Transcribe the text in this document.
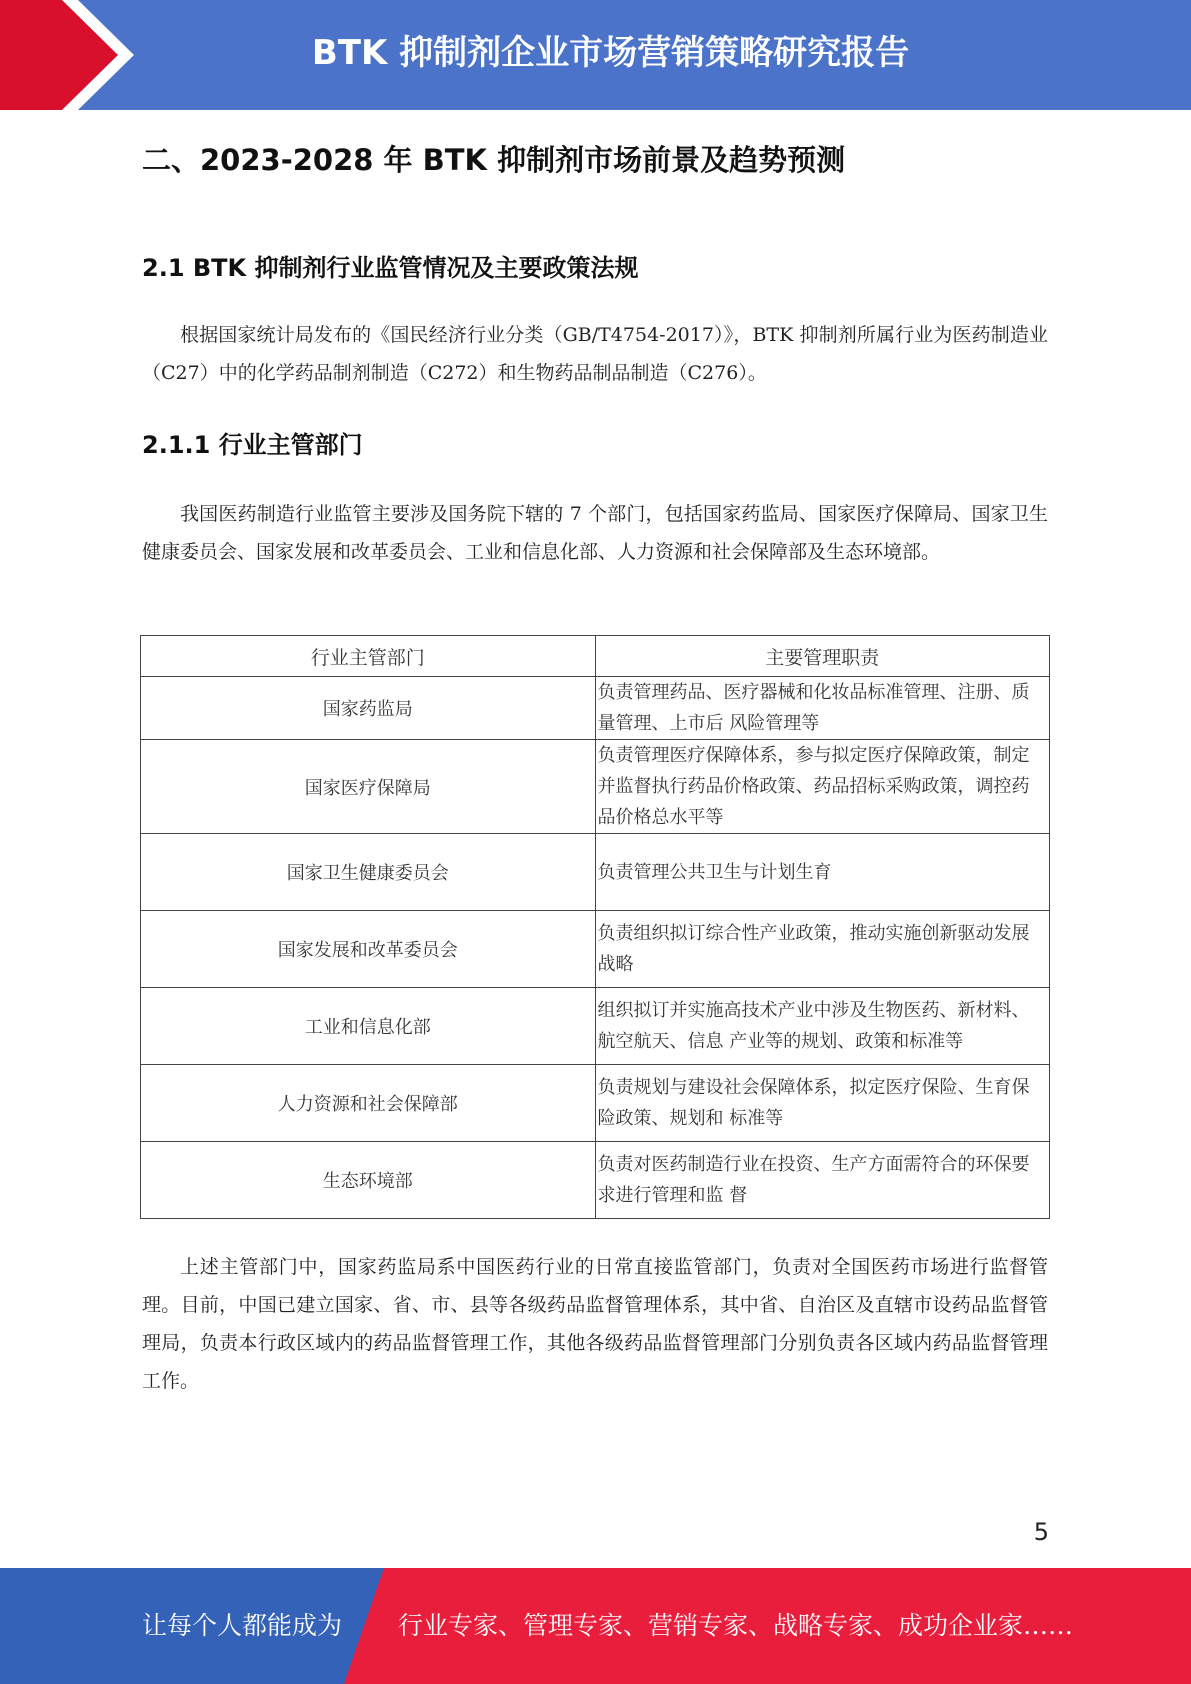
BTK 抑制剂企业市场营销策略研究报告
二、2023-2028 年 BTK 抑制剂市场前景及趋势预测
2.1 BTK 抑制剂行业监管情况及主要政策法规

根据国家统计局发布的《国民经济行业分类（GB/T4754-2017）》，BTK 抑制剂所属行业为医药制造业（C27）中的化学药品制剂制造（C272）和生物药品制品制造（C276）。

2.1.1 行业主管部门

我国医药制造行业监管主要涉及国务院下辖的 7 个部门，包括国家药监局、国家医疗保障局、国家卫生健康委员会、国家发展和改革委员会、工业和信息化部、人力资源和社会保障部及生态环境部。

行业主管部门	主要管理职责
国家药监局	负责管理药品、医疗器械和化妆品标准管理、注册、质量管理、上市后 风险管理等
国家医疗保障局	负责管理医疗保障体系，参与拟定医疗保障政策，制定并监督执行药品价格政策、药品招标采购政策，调控药品价格总水平等
国家卫生健康委员会	负责管理公共卫生与计划生育
国家发展和改革委员会	负责组织拟订综合性产业政策，推动实施创新驱动发展战略
工业和信息化部	组织拟订并实施高技术产业中涉及生物医药、新材料、航空航天、信息 产业等的规划、政策和标准等
人力资源和社会保障部	负责规划与建设社会保障体系，拟定医疗保险、生育保险政策、规划和 标准等
生态环境部	负责对医药制造行业在投资、生产方面需符合的环保要求进行管理和监 督

上述主管部门中，国家药监局系中国医药行业的日常直接监管部门，负责对全国医药市场进行监督管理。目前，中国已建立国家、省、市、县等各级药品监督管理体系，其中省、自治区及直辖市设药品监督管理局，负责本行政区域内的药品监督管理工作，其他各级药品监督管理部门分别负责各区域内药品监督管理工作。

5
让每个人都能成为 行业专家、管理专家、营销专家、战略专家、成功企业家……
